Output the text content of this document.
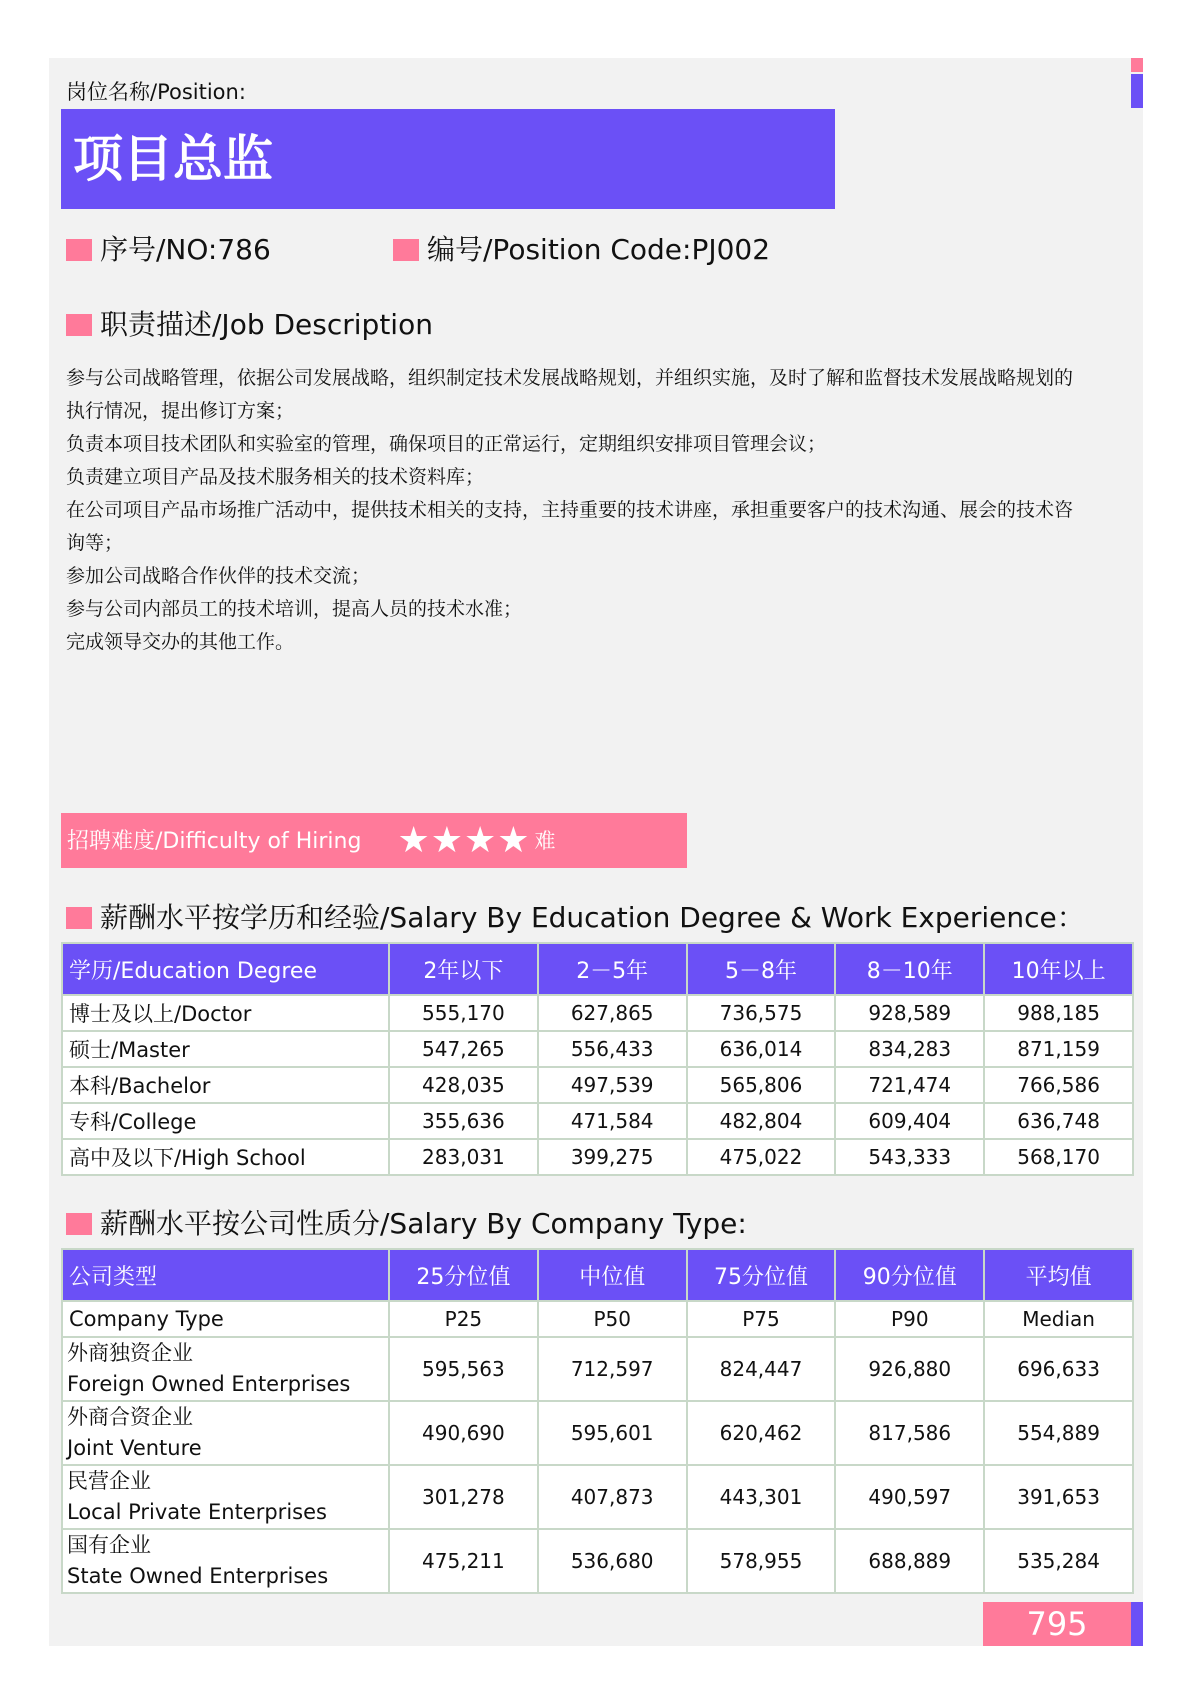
岗位名称/Position:
项目总监
序号/NO:786	编号/Position Code:PJ002
职责描述/Job Description
参与公司战略管理，依据公司发展战略，组织制定技术发展战略规划，并组织实施，及时了解和监督技术发展战略规划的
执行情况，提出修订方案；
负责本项目技术团队和实验室的管理，确保项目的正常运行，定期组织安排项目管理会议；
负责建立项目产品及技术服务相关的技术资料库；
在公司项目产品市场推广活动中，提供技术相关的支持，主持重要的技术讲座，承担重要客户的技术沟通、展会的技术咨
询等；
参加公司战略合作伙伴的技术交流；
参与公司内部员工的技术培训，提高人员的技术水准；
完成领导交办的其他工作。
招聘难度/Difficulty of Hiring ★★★★ 难
薪酬水平按学历和经验/Salary By Education Degree & Work Experience：
学历/Education Degree	2年以下	2－5年	5－8年	8－10年	10年以上
博士及以上/Doctor	555,170	627,865	736,575	928,589	988,185
硕士/Master	547,265	556,433	636,014	834,283	871,159
本科/Bachelor	428,035	497,539	565,806	721,474	766,586
专科/College	355,636	471,584	482,804	609,404	636,748
高中及以下/High School	283,031	399,275	475,022	543,333	568,170
薪酬水平按公司性质分/Salary By Company Type:
公司类型	25分位值	中位值	75分位值	90分位值	平均值
Company Type	P25	P50	P75	P90	Median

外商独资企业
Foreign Owned Enterprises	595,563	712,597	824,447	926,880	696,633

外商合资企业
Joint Venture	490,690	595,601	620,462	817,586	554,889

民营企业
Local Private Enterprises	301,278	407,873	443,301	490,597	391,653

国有企业
State Owned Enterprises	475,211	536,680	578,955	688,889	535,284
795
